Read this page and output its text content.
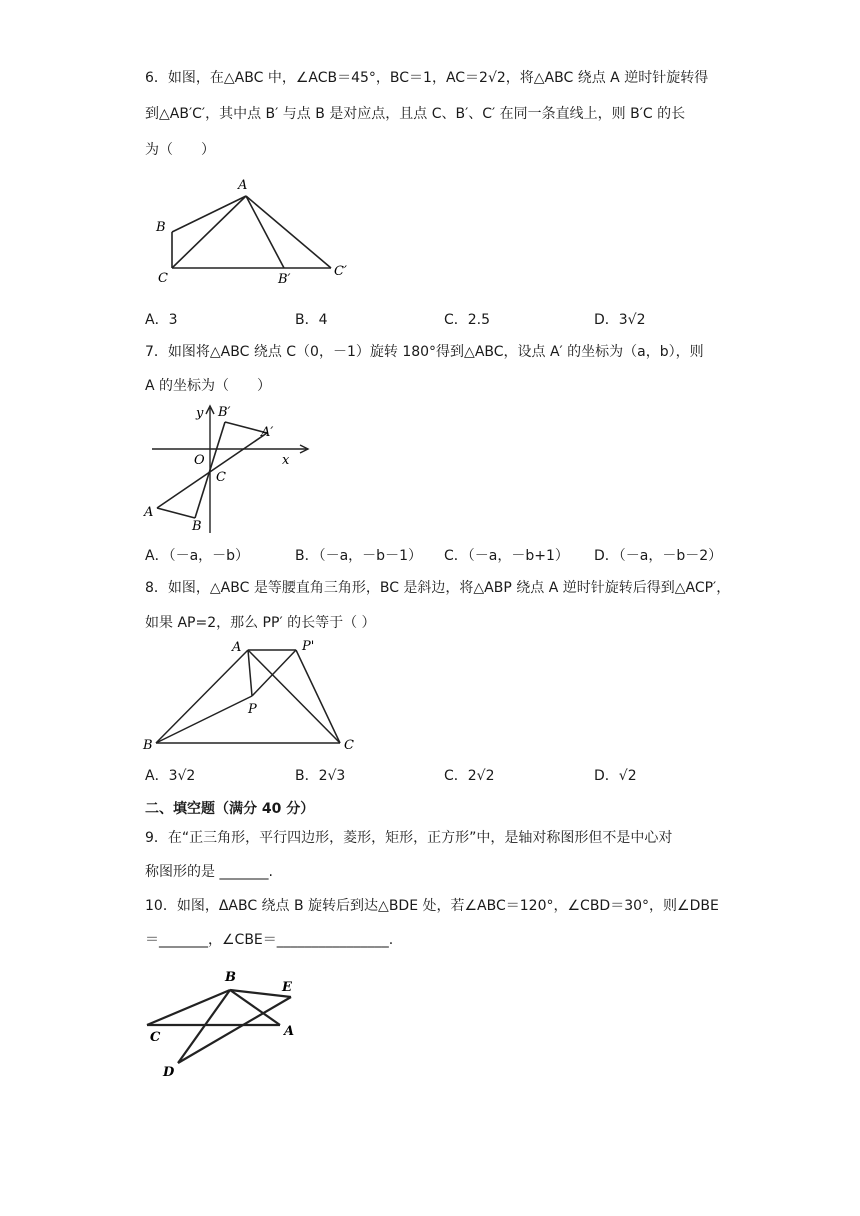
6．如图，在△ABC 中，∠ACB＝45°，BC＝1，AC＝2√2，将△ABC 绕点 A 逆时针旋转得
到△AB′C′，其中点 B′ 与点 B 是对应点，且点 C、B′、C′ 在同一条直线上，则 B′C 的长
为（　　）
A
B
C	B′
C′
A．3	B．4	C．2.5	D．3√2
7．如图将△ABC 绕点 C（0，－1）旋转 180°得到△ABC，设点 A′ 的坐标为（a，b），则
A 的坐标为（　　）
y B′
A′
x
O
C
A
B
A．（－a，－b）	B．（－a，－b－1） C．（－a，－b+1） D．（－a，－b－2）
8．如图，△ABC 是等腰直角三角形，BC 是斜边，将△ABP 绕点 A 逆时针旋转后得到△ACP′，
如果 AP=2，那么 PP′ 的长等于（ ）
A	P'
P
B	C
A．3√2	B．2√3	C．2√2	D．√2
二、填空题（满分 40 分）
9．在“正三角形，平行四边形，菱形，矩形，正方形”中，是轴对称图形但不是中心对
称图形的是 _______.
10．如图，ΔABC 绕点 B 旋转后到达△BDE 处，若∠ABC＝120°，∠CBD＝30°，则∠DBE
＝_______，∠CBE＝________________.
B
E
A
C
D
